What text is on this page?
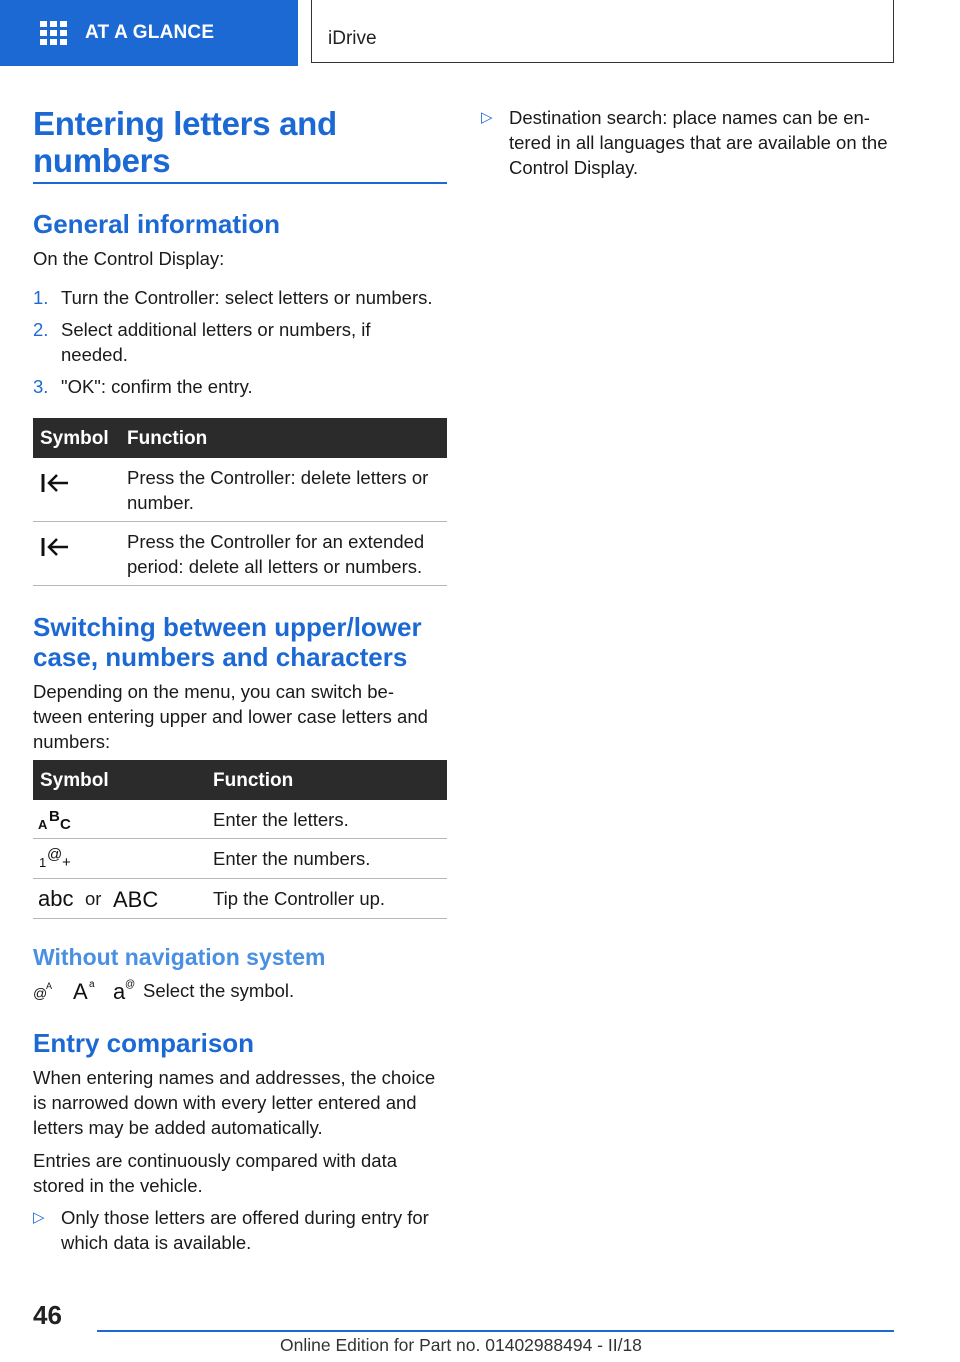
AT A GLANCE	iDrive
Entering letters and
numbers
General information
On the Control Display:
1. Turn the Controller: select letters or numbers.
2. Select additional letters or numbers, if
needed.
3. "OK": confirm the entry.
Symbol Function
Press the Controller: delete letters or
number.
Press the Controller for an extended
period: delete all letters or numbers.
Switching between upper/lower
case, numbers and characters
Depending on the menu, you can switch be-
tween entering upper and lower case letters and
numbers:
Symbol	Function
A B C	Enter the letters.
1 @ +	Enter the numbers.
abc or ABC	Tip the Controller up.
Without navigation system
@
A A a a @ Select the symbol.
Entry comparison
When entering names and addresses, the choice
is narrowed down with every letter entered and
letters may be added automatically.
Entries are continuously compared with data
stored in the vehicle.
▷ Only those letters are offered during entry for
which data is available.
▷ Destination search: place names can be en-
tered in all languages that are available on the
Control Display.
46
Online Edition for Part no. 01402988494 - II/18
